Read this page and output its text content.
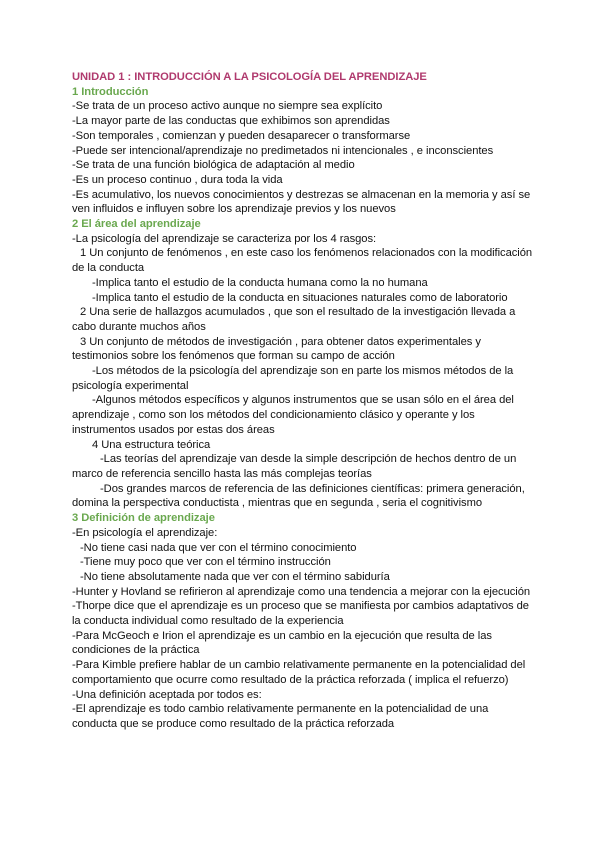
UNIDAD 1 : INTRODUCCIÓN A LA PSICOLOGÍA DEL APRENDIZAJE
1 Introducción
-Se trata de un proceso activo aunque no siempre sea explícito
-La mayor parte de las conductas que exhibimos son aprendidas
-Son temporales , comienzan y pueden desaparecer o transformarse
-Puede ser intencional/aprendizaje no predimetados ni intencionales , e inconscientes
-Se trata de una función biológica de adaptación al medio
-Es un proceso continuo , dura toda la vida
-Es acumulativo, los nuevos conocimientos y destrezas se almacenan en la memoria y así se ven influidos e influyen sobre los aprendizaje previos y los nuevos
2 El área del aprendizaje
-La psicología del aprendizaje se caracteriza por los 4 rasgos:
1 Un conjunto de fenómenos , en este caso los fenómenos relacionados con la modificación de la conducta
-Implica tanto el estudio de la conducta humana como la no humana
-Implica tanto el estudio de la conducta en situaciones naturales como de laboratorio
2 Una serie de hallazgos acumulados , que son el resultado de la investigación llevada a cabo durante muchos años
3 Un conjunto de métodos de investigación , para obtener datos experimentales y testimonios sobre los fenómenos que forman su campo de acción
-Los métodos de la psicología del aprendizaje son en parte los mismos métodos de la psicología experimental
-Algunos métodos específicos y algunos instrumentos que se usan sólo en el área del aprendizaje , como son los métodos del condicionamiento clásico y operante y los instrumentos usados por estas dos áreas
4 Una estructura teórica
-Las teorías del aprendizaje van desde la simple descripción de hechos dentro de un marco de referencia sencillo hasta las más complejas teorías
-Dos grandes marcos de referencia de las definiciones científicas: primera generación, domina la perspectiva conductista , mientras que en segunda , seria el cognitivismo
3 Definición de aprendizaje
-En psicología el aprendizaje:
-No tiene casi nada que ver con el término conocimiento
-Tiene muy poco que ver con el término instrucción
-No tiene absolutamente nada que ver con el término sabiduría
-Hunter y Hovland se refirieron al aprendizaje como una tendencia a mejorar con la ejecución
-Thorpe dice que el aprendizaje es un proceso que se manifiesta por cambios adaptativos de la conducta individual como resultado de la experiencia
-Para McGeoch e Irion el aprendizaje es un cambio en la ejecución que resulta de las condiciones de la práctica
-Para Kimble prefiere hablar de un cambio relativamente permanente en la potencialidad del comportamiento que ocurre como resultado de la práctica reforzada ( implica el refuerzo)
-Una definición aceptada por todos es:
-El aprendizaje es todo cambio relativamente permanente en la potencialidad de una conducta que se produce como resultado de la práctica reforzada
